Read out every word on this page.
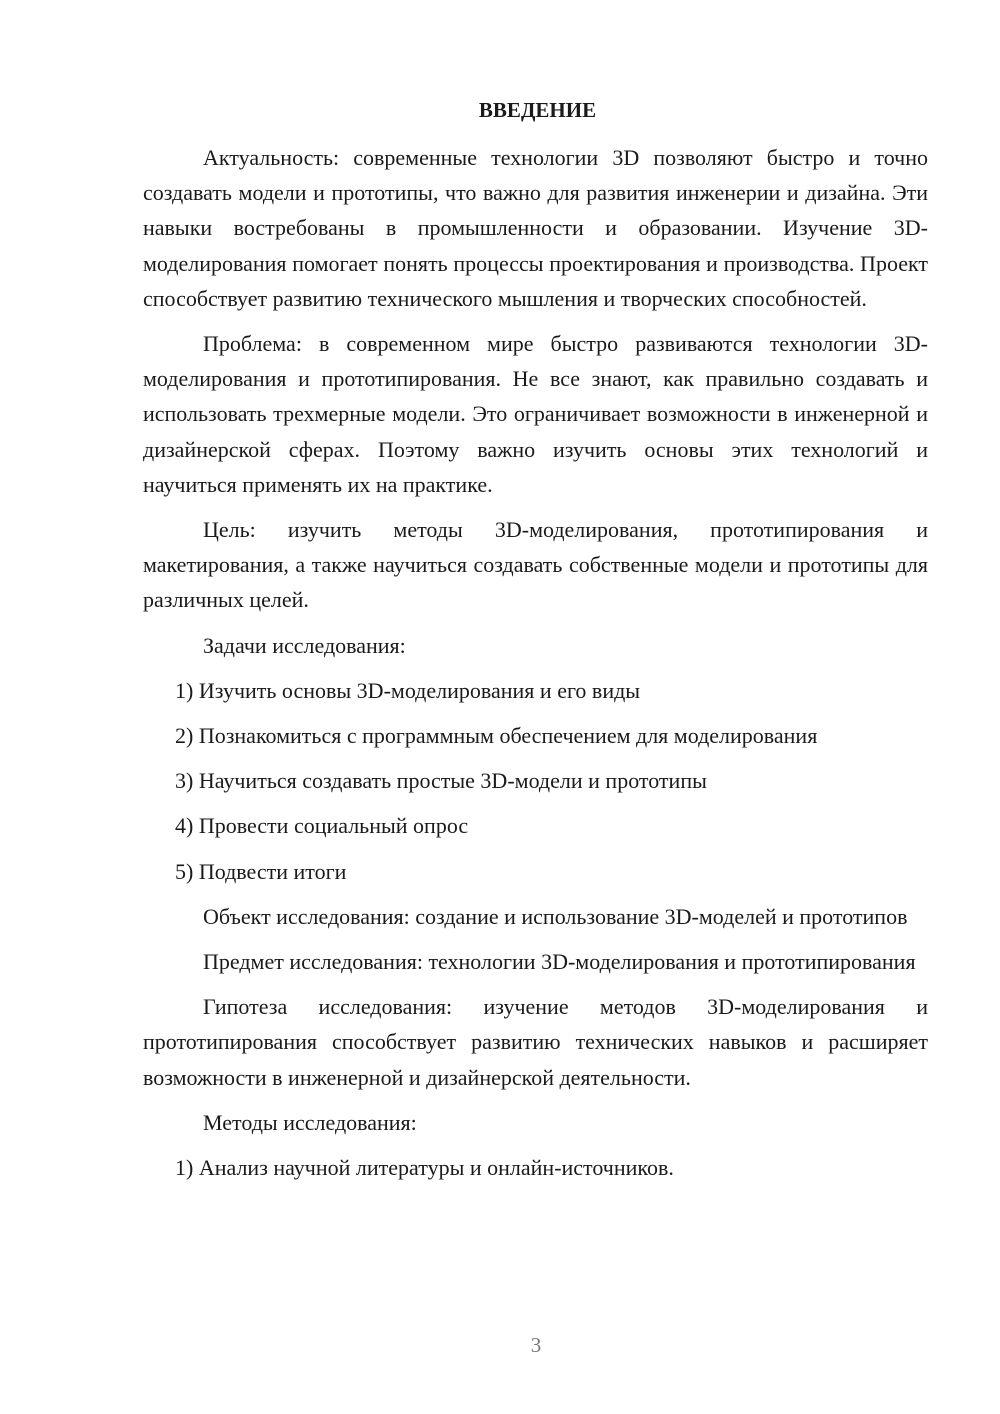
ВВЕДЕНИЕ

Актуальность: современные технологии 3D позволяют быстро и точно создавать модели и прототипы, что важно для развития инженерии и дизайна. Эти навыки востребованы в промышленности и образовании. Изучение 3D-моделирования помогает понять процессы проектирования и производства. Проект способствует развитию технического мышления и творческих способностей.

Проблема: в современном мире быстро развиваются технологии 3D-моделирования и прототипирования. Не все знают, как правильно создавать и использовать трехмерные модели. Это ограничивает возможности в инженерной и дизайнерской сферах. Поэтому важно изучить основы этих технологий и научиться применять их на практике.

Цель: изучить методы 3D-моделирования, прототипирования и макетирования, а также научиться создавать собственные модели и прототипы для различных целей.

Задачи исследования:

1) Изучить основы 3D-моделирования и его виды
2) Познакомиться с программным обеспечением для моделирования
3) Научиться создавать простые 3D-модели и прототипы
4) Провести социальный опрос
5) Подвести итоги

Объект исследования: создание и использование 3D-моделей и прототипов

Предмет исследования: технологии 3D-моделирования и прототипирования

Гипотеза исследования: изучение методов 3D-моделирования и прототипирования способствует развитию технических навыков и расширяет возможности в инженерной и дизайнерской деятельности.

Методы исследования:

1) Анализ научной литературы и онлайн-источников.
3
